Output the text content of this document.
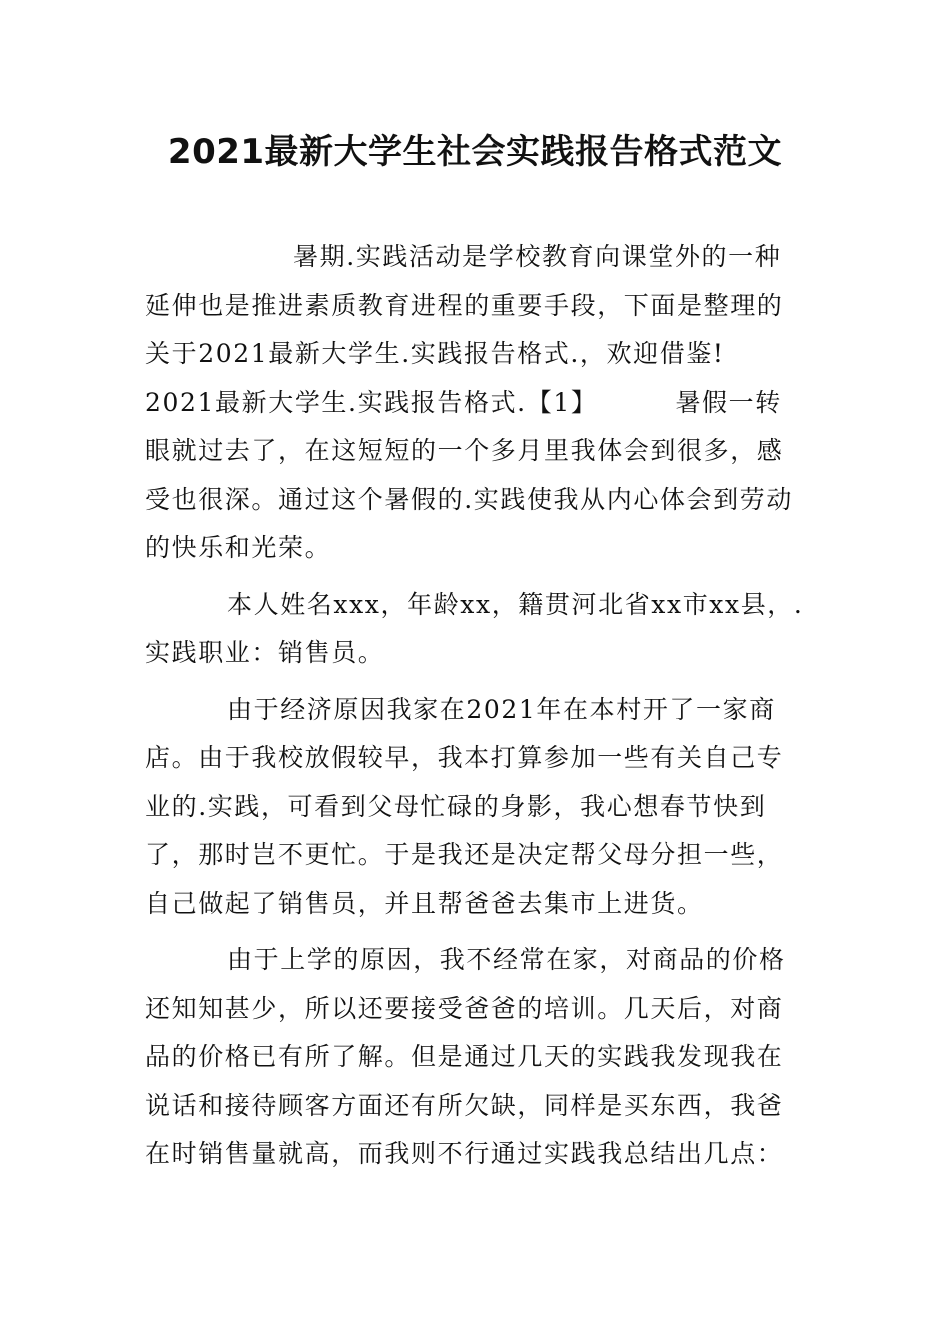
2021最新大学生社会实践报告格式范文

暑期.实践活动是学校教育向课堂外的一种延伸也是推进素质教育进程的重要手段，下面是整理的关于2021最新大学生.实践报告格式.，欢迎借鉴!

2021最新大学生.实践报告格式.【1】	暑假一转眼就过去了，在这短短的一个多月里我体会到很多，感受也很深。通过这个暑假的.实践使我从内心体会到劳动的快乐和光荣。

本人姓名xxx，年龄xx，籍贯河北省xx市xx县，.实践职业：销售员。

由于经济原因我家在2021年在本村开了一家商店。由于我校放假较早，我本打算参加一些有关自己专业的.实践，可看到父母忙碌的身影，我心想春节快到了，那时岂不更忙。于是我还是决定帮父母分担一些，自己做起了销售员，并且帮爸爸去集市上进货。

由于上学的原因，我不经常在家，对商品的价格还知知甚少，所以还要接受爸爸的培训。几天后，对商品的价格已有所了解。但是通过几天的实践我发现我在说话和接待顾客方面还有所欠缺，同样是买东西，我爸在时销售量就高，而我则不行通过实践我总结出几点：
